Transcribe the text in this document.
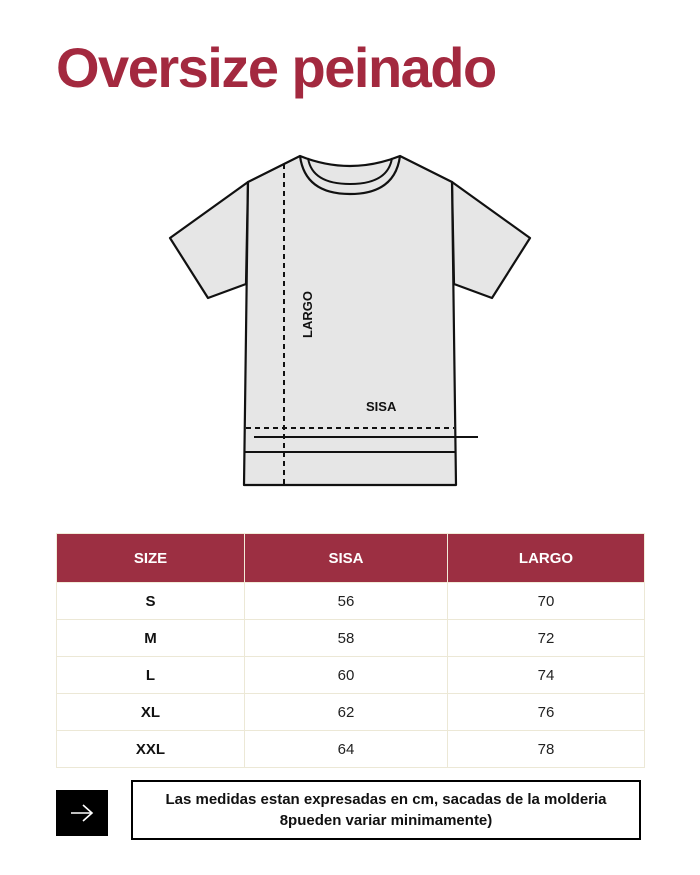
Oversize peinado
LARGO
SISA
SIZE	SISA	LARGO
S	56	70
M	58	72
L	60	74
XL	62	76
XXL	64	78
Las medidas estan expresadas en cm, sacadas de la molderia 8pueden variar minimamente)
